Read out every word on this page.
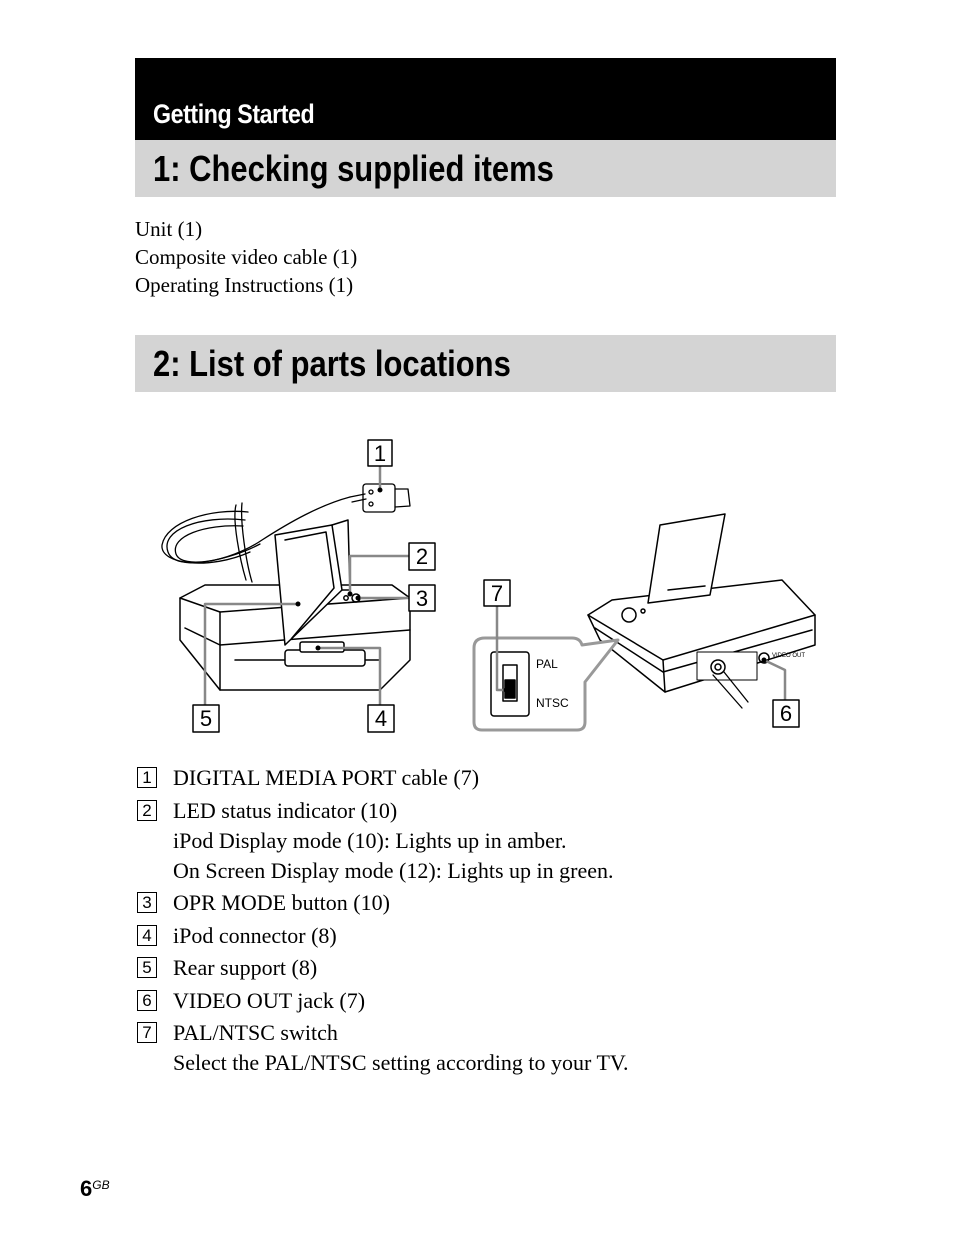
Getting Started
1: Checking supplied items
Unit (1)
Composite video cable (1)
Operating Instructions (1)
2: List of parts locations
VIDEO OUT
PAL
NTSC
1
2
3
4
5	6
7
1 DIGITAL MEDIA PORT cable (7)
2 LED status indicator (10)
iPod Display mode (10): Lights up in amber.
On Screen Display mode (12): Lights up in green.
3 OPR MODE button (10)
4 iPod connector (8)
5 Rear support (8)
6 VIDEO OUT jack (7)
7 PAL/NTSC switch
Select the PAL/NTSC setting according to your TV.
$6^{GB}$
